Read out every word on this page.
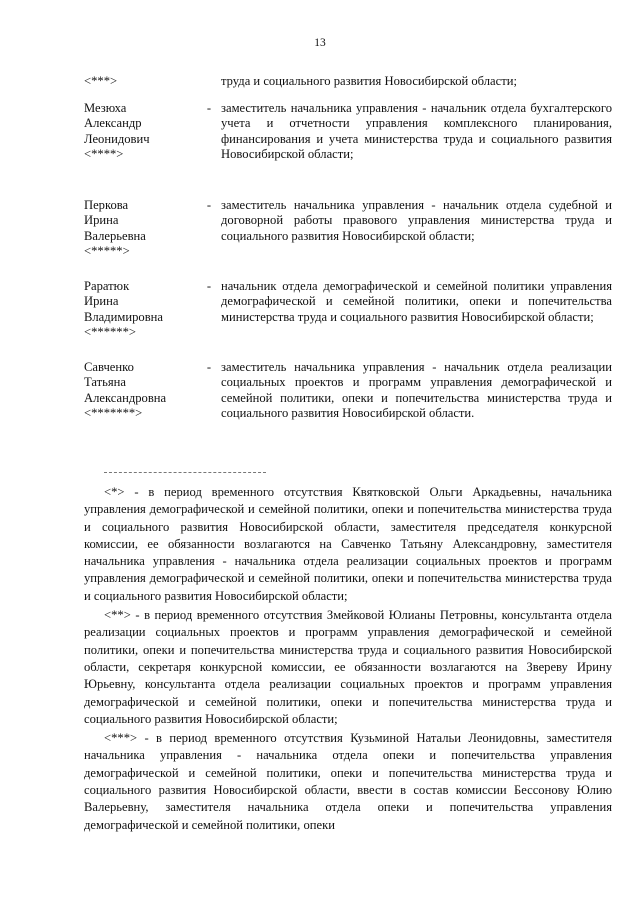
13
<***>	труда и социального развития Новосибирской области;
Мезюха
Александр
Леонидович
<****>
- заместитель начальника управления - начальник отдела бухгалтерского учета и отчетности управления комплексного планирования, финансирования и учета министерства труда и социального развития Новосибирской области;
Перкова
Ирина
Валерьевна
<*****>
- заместитель начальника управления - начальник отдела судебной и договорной работы правового управления министерства труда и социального развития Новосибирской области;
Раратюк
Ирина
Владимировна
<******>
- начальник отдела демографической и семейной политики управления демографической и семейной политики, опеки и попечительства министерства труда и социального развития Новосибирской области;
Савченко
Татьяна
Александровна
<*******>
- заместитель начальника управления - начальник отдела реализации социальных проектов и программ управления демографической и семейной политики, опеки и попечительства министерства труда и социального развития Новосибирской области.

<*> - в период временного отсутствия Квятковской Ольги Аркадьевны, начальника управления демографической и семейной политики, опеки и попечительства министерства труда и социального развития Новосибирской области, заместителя председателя конкурсной комиссии, ее обязанности возлагаются на Савченко Татьяну Александровну, заместителя начальника управления - начальника отдела реализации социальных проектов и программ управления демографической и семейной политики, опеки и попечительства министерства труда и социального развития Новосибирской области;

<**> - в период временного отсутствия Змейковой Юлианы Петровны, консультанта отдела реализации социальных проектов и программ управления демографической и семейной политики, опеки и попечительства министерства труда и социального развития Новосибирской области, секретаря конкурсной комиссии, ее обязанности возлагаются на Звереву Ирину Юрьевну, консультанта отдела реализации социальных проектов и программ управления демографической и семейной политики, опеки и попечительства министерства труда и социального развития Новосибирской области;

<***> - в период временного отсутствия Кузьминой Натальи Леонидовны, заместителя начальника управления - начальника отдела опеки и попечительства управления демографической и семейной политики, опеки и попечительства министерства труда и социального развития Новосибирской области, ввести в состав комиссии Бессонову Юлию Валерьевну, заместителя начальника отдела опеки и попечительства управления демографической и семейной политики, опеки
